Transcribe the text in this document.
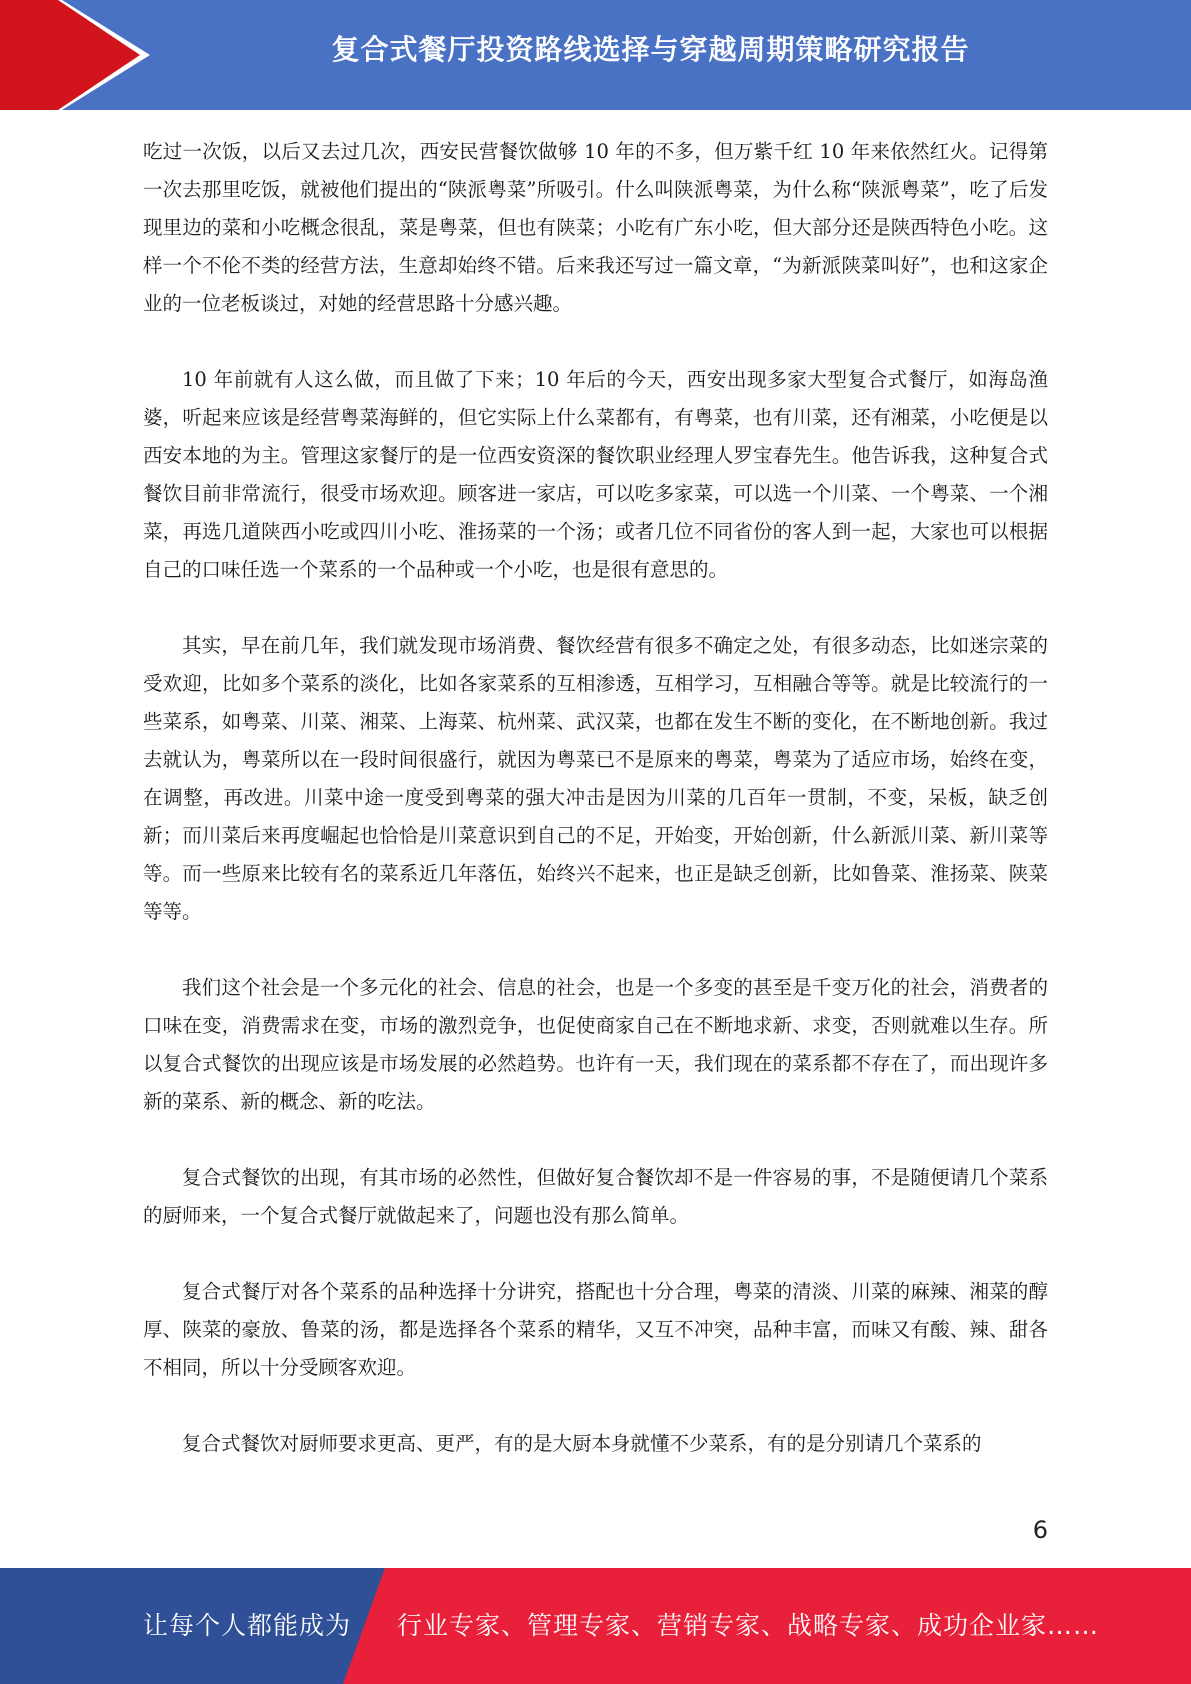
复合式餐厅投资路线选择与穿越周期策略研究报告

吃过一次饭，以后又去过几次，西安民营餐饮做够 10 年的不多，但万紫千红 10 年来依然红火。记得第一次去那里吃饭，就被他们提出的“陕派粤菜”所吸引。什么叫陕派粤菜，为什么称“陕派粤菜”，吃了后发现里边的菜和小吃概念很乱，菜是粤菜，但也有陕菜；小吃有广东小吃，但大部分还是陕西特色小吃。这样一个不伦不类的经营方法，生意却始终不错。后来我还写过一篇文章，“为新派陕菜叫好”，也和这家企业的一位老板谈过，对她的经营思路十分感兴趣。

10 年前就有人这么做，而且做了下来；10 年后的今天，西安出现多家大型复合式餐厅，如海岛渔婆，听起来应该是经营粤菜海鲜的，但它实际上什么菜都有，有粤菜，也有川菜，还有湘菜，小吃便是以西安本地的为主。管理这家餐厅的是一位西安资深的餐饮职业经理人罗宝春先生。他告诉我，这种复合式餐饮目前非常流行，很受市场欢迎。顾客进一家店，可以吃多家菜，可以选一个川菜、一个粤菜、一个湘菜，再选几道陕西小吃或四川小吃、淮扬菜的一个汤；或者几位不同省份的客人到一起，大家也可以根据自己的口味任选一个菜系的一个品种或一个小吃，也是很有意思的。

其实，早在前几年，我们就发现市场消费、餐饮经营有很多不确定之处，有很多动态，比如迷宗菜的受欢迎，比如多个菜系的淡化，比如各家菜系的互相渗透，互相学习，互相融合等等。就是比较流行的一些菜系，如粤菜、川菜、湘菜、上海菜、杭州菜、武汉菜，也都在发生不断的变化，在不断地创新。我过去就认为，粤菜所以在一段时间很盛行，就因为粤菜已不是原来的粤菜，粤菜为了适应市场，始终在变，在调整，再改进。川菜中途一度受到粤菜的强大冲击是因为川菜的几百年一贯制，不变，呆板，缺乏创新；而川菜后来再度崛起也恰恰是川菜意识到自己的不足，开始变，开始创新，什么新派川菜、新川菜等等。而一些原来比较有名的菜系近几年落伍，始终兴不起来，也正是缺乏创新，比如鲁菜、淮扬菜、陕菜等等。

我们这个社会是一个多元化的社会、信息的社会，也是一个多变的甚至是千变万化的社会，消费者的口味在变，消费需求在变，市场的激烈竞争，也促使商家自己在不断地求新、求变，否则就难以生存。所以复合式餐饮的出现应该是市场发展的必然趋势。也许有一天，我们现在的菜系都不存在了，而出现许多新的菜系、新的概念、新的吃法。

复合式餐饮的出现，有其市场的必然性，但做好复合餐饮却不是一件容易的事，不是随便请几个菜系的厨师来，一个复合式餐厅就做起来了，问题也没有那么简单。

复合式餐厅对各个菜系的品种选择十分讲究，搭配也十分合理，粤菜的清淡、川菜的麻辣、湘菜的醇厚、陕菜的豪放、鲁菜的汤，都是选择各个菜系的精华，又互不冲突，品种丰富，而味又有酸、辣、甜各不相同，所以十分受顾客欢迎。

复合式餐饮对厨师要求更高、更严，有的是大厨本身就懂不少菜系，有的是分别请几个菜系的

6
让每个人都能成为 行业专家、管理专家、营销专家、战略专家、成功企业家……
